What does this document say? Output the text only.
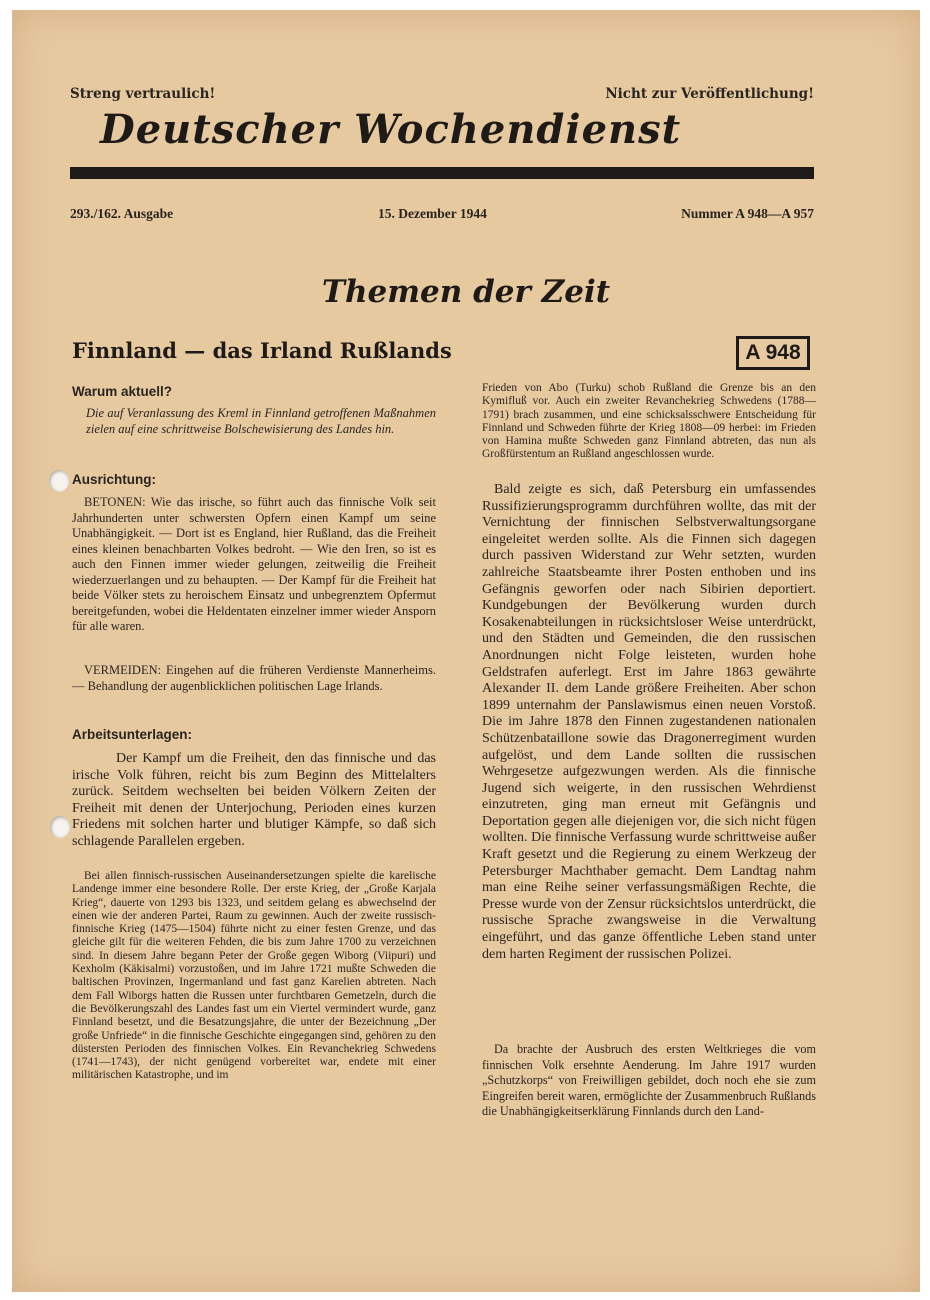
Streng vertraulich!	Nicht zur Veröffentlichung!
Deutscher Wochendienst
293./162. Ausgabe	15. Dezember 1944	Nummer A 948—A 957
Themen der Zeit
Finnland — das Irland Rußlands	A 948
Warum aktuell?

Die auf Veranlassung des Kreml in Finnland getroffenen Maßnahmen zielen auf eine schrittweise Bolschewisierung des Landes hin.

Ausrichtung:

BETONEN: Wie das irische, so führt auch das finnische Volk seit Jahrhunderten unter schwersten Opfern einen Kampf um seine Unabhängigkeit. — Dort ist es England, hier Rußland, das die Freiheit eines kleinen benachbarten Volkes bedroht. — Wie den Iren, so ist es auch den Finnen immer wieder gelungen, zeitweilig die Freiheit wiederzuerlangen und zu behaupten. — Der Kampf für die Freiheit hat beide Völker stets zu heroischem Einsatz und unbegrenztem Opfermut bereitgefunden, wobei die Heldentaten einzelner immer wieder Ansporn für alle waren.

VERMEIDEN: Eingehen auf die früheren Verdienste Mannerheims. — Behandlung der augenblicklichen politischen Lage Irlands.

Arbeitsunterlagen:

Der Kampf um die Freiheit, den das finnische und das irische Volk führen, reicht bis zum Beginn des Mittelalters zurück. Seitdem wechselten bei beiden Völkern Zeiten der Freiheit mit denen der Unterjochung, Perioden eines kurzen Friedens mit solchen harter und blutiger Kämpfe, so daß sich schlagende Parallelen ergeben.

Bei allen finnisch-russischen Auseinandersetzungen spielte die karelische Landenge immer eine besondere Rolle. Der erste Krieg, der „Große Karjala Krieg“, dauerte von 1293 bis 1323, und seitdem gelang es abwechselnd der einen wie der anderen Partei, Raum zu gewinnen. Auch der zweite russisch-finnische Krieg (1475—1504) führte nicht zu einer festen Grenze, und das gleiche gilt für die weiteren Fehden, die bis zum Jahre 1700 zu verzeichnen sind. In diesem Jahre begann Peter der Große gegen Wiborg (Viipuri) und Kexholm (Käkisalmi) vorzustoßen, und im Jahre 1721 mußte Schweden die baltischen Provinzen, Ingermanland und fast ganz Karelien abtreten. Nach dem Fall Wiborgs hatten die Russen unter furchtbaren Gemetzeln, durch die die Bevölkerungszahl des Landes fast um ein Viertel vermindert wurde, ganz Finnland besetzt, und die Besatzungsjahre, die unter der Bezeichnung „Der große Unfriede“ in die finnische Geschichte eingegangen sind, gehören zu den düstersten Perioden des finnischen Volkes. Ein Revanchekrieg Schwedens (1741—1743), der nicht genügend vorbereitet war, endete mit einer militärischen Katastrophe, und im

Frieden von Abo (Turku) schob Rußland die Grenze bis an den Kymifluß vor. Auch ein zweiter Revanchekrieg Schwedens (1788—1791) brach zusammen, und eine schicksalsschwere Entscheidung für Finnland und Schweden führte der Krieg 1808—09 herbei: im Frieden von Hamina mußte Schweden ganz Finnland abtreten, das nun als Großfürstentum an Rußland angeschlossen wurde.

Bald zeigte es sich, daß Petersburg ein umfassendes Russifizierungsprogramm durchführen wollte, das mit der Vernichtung der finnischen Selbstverwaltungsorgane eingeleitet werden sollte. Als die Finnen sich dagegen durch passiven Widerstand zur Wehr setzten, wurden zahlreiche Staatsbeamte ihrer Posten enthoben und ins Gefängnis geworfen oder nach Sibirien deportiert. Kundgebungen der Bevölkerung wurden durch Kosakenabteilungen in rücksichtsloser Weise unterdrückt, und den Städten und Gemeinden, die den russischen Anordnungen nicht Folge leisteten, wurden hohe Geldstrafen auferlegt. Erst im Jahre 1863 gewährte Alexander II. dem Lande größere Freiheiten. Aber schon 1899 unternahm der Panslawismus einen neuen Vorstoß. Die im Jahre 1878 den Finnen zugestandenen nationalen Schützenbataillone sowie das Dragonerregiment wurden aufgelöst, und dem Lande sollten die russischen Wehrgesetze aufgezwungen werden. Als die finnische Jugend sich weigerte, in den russischen Wehrdienst einzutreten, ging man erneut mit Gefängnis und Deportation gegen alle diejenigen vor, die sich nicht fügen wollten. Die finnische Verfassung wurde schrittweise außer Kraft gesetzt und die Regierung zu einem Werkzeug der Petersburger Machthaber gemacht. Dem Landtag nahm man eine Reihe seiner verfassungsmäßigen Rechte, die Presse wurde von der Zensur rücksichtslos unterdrückt, die russische Sprache zwangsweise in die Verwaltung eingeführt, und das ganze öffentliche Leben stand unter dem harten Regiment der russischen Polizei.

Da brachte der Ausbruch des ersten Weltkrieges die vom finnischen Volk ersehnte Aenderung. Im Jahre 1917 wurden „Schutzkorps“ von Freiwilligen gebildet, doch noch ehe sie zum Eingreifen bereit waren, ermöglichte der Zusammenbruch Rußlands die Unabhängigkeitserklärung Finnlands durch den Land-
